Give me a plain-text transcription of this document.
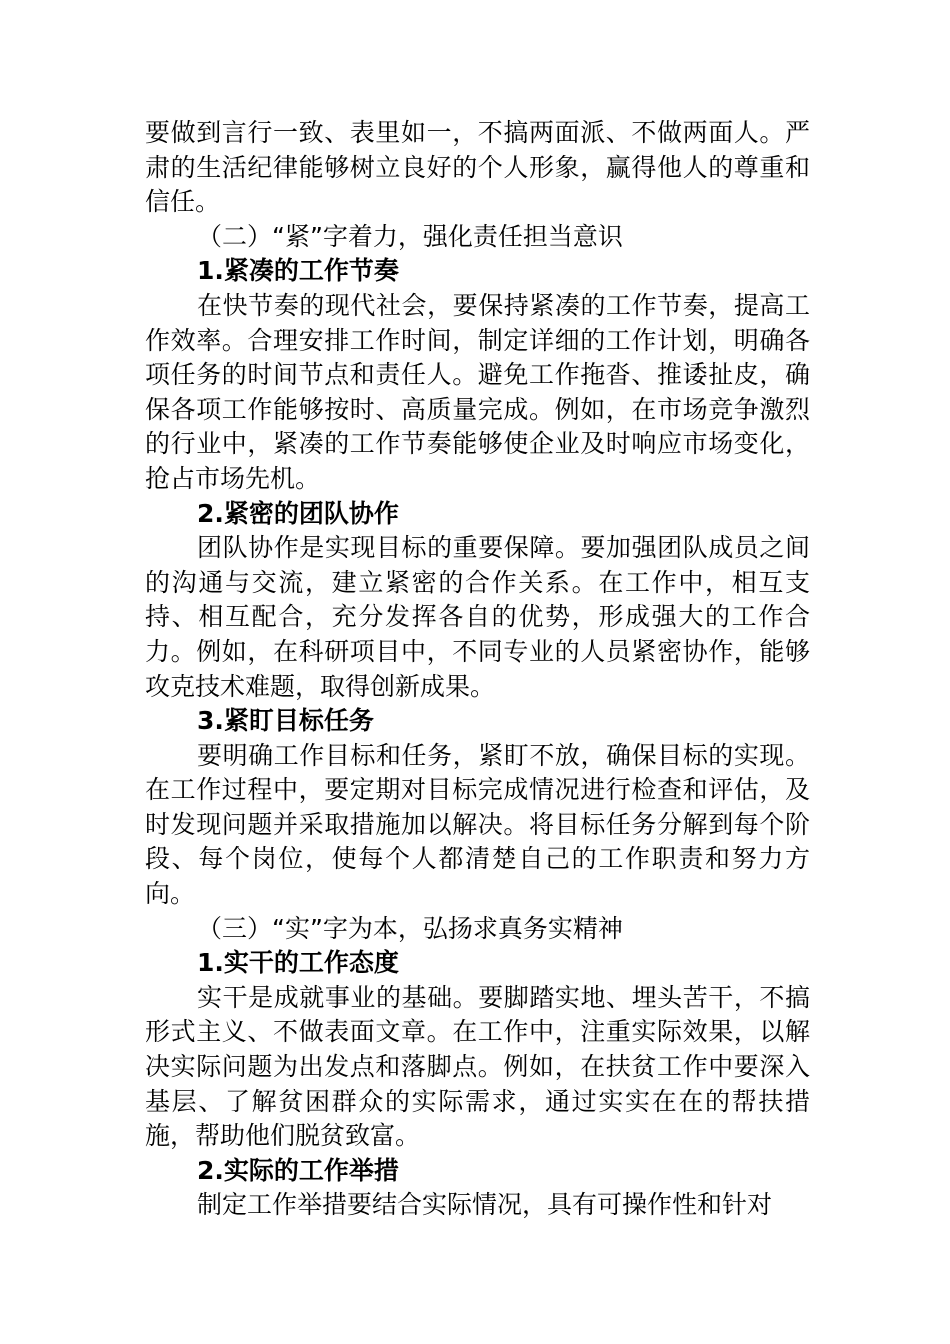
要做到言行一致、表里如一，不搞两面派、不做两面人。严肃的生活纪律能够树立良好的个人形象，赢得他人的尊重和信任。

（二）“紧”字着力，强化责任担当意识

1.紧凑的工作节奏

在快节奏的现代社会，要保持紧凑的工作节奏，提高工作效率。合理安排工作时间，制定详细的工作计划，明确各项任务的时间节点和责任人。避免工作拖沓、推诿扯皮，确保各项工作能够按时、高质量完成。例如，在市场竞争激烈的行业中，紧凑的工作节奏能够使企业及时响应市场变化，抢占市场先机。

2.紧密的团队协作

团队协作是实现目标的重要保障。要加强团队成员之间的沟通与交流，建立紧密的合作关系。在工作中，相互支持、相互配合，充分发挥各自的优势，形成强大的工作合力。例如，在科研项目中，不同专业的人员紧密协作，能够攻克技术难题，取得创新成果。

3.紧盯目标任务

要明确工作目标和任务，紧盯不放，确保目标的实现。在工作过程中，要定期对目标完成情况进行检查和评估，及时发现问题并采取措施加以解决。将目标任务分解到每个阶段、每个岗位，使每个人都清楚自己的工作职责和努力方向。

（三）“实”字为本，弘扬求真务实精神

1.实干的工作态度

实干是成就事业的基础。要脚踏实地、埋头苦干，不搞形式主义、不做表面文章。在工作中，注重实际效果，以解决实际问题为出发点和落脚点。例如，在扶贫工作中要深入基层、了解贫困群众的实际需求，通过实实在在的帮扶措施，帮助他们脱贫致富。

2.实际的工作举措

制定工作举措要结合实际情况，具有可操作性和针对
